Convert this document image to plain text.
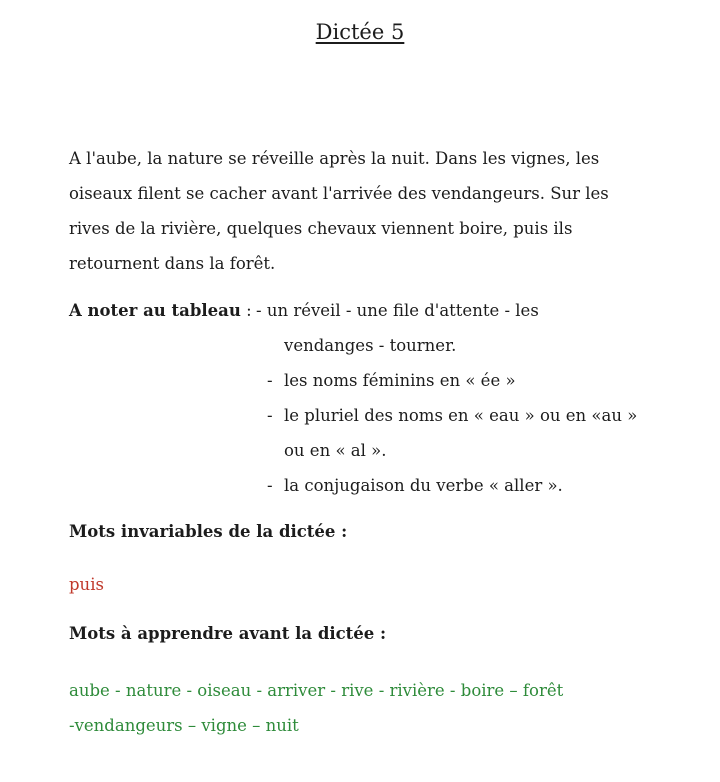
Dictée 5
A l'aube, la nature se réveille après la nuit. Dans les vignes, les
oiseaux filent se cacher avant l'arrivée des vendangeurs. Sur les
rives de la rivière, quelques chevaux viennent boire, puis ils
retournent dans la forêt.
A noter au tableau : - un réveil - une file d'attente - les
vendanges - tourner.
- les noms féminins en « ée »
- le pluriel des noms en « eau » ou en «au »
ou en « al ».
- la conjugaison du verbe « aller ».
Mots invariables de la dictée :
puis
Mots à apprendre avant la dictée :
aube - nature - oiseau - arriver - rive - rivière - boire – forêt
-vendangeurs – vigne – nuit
